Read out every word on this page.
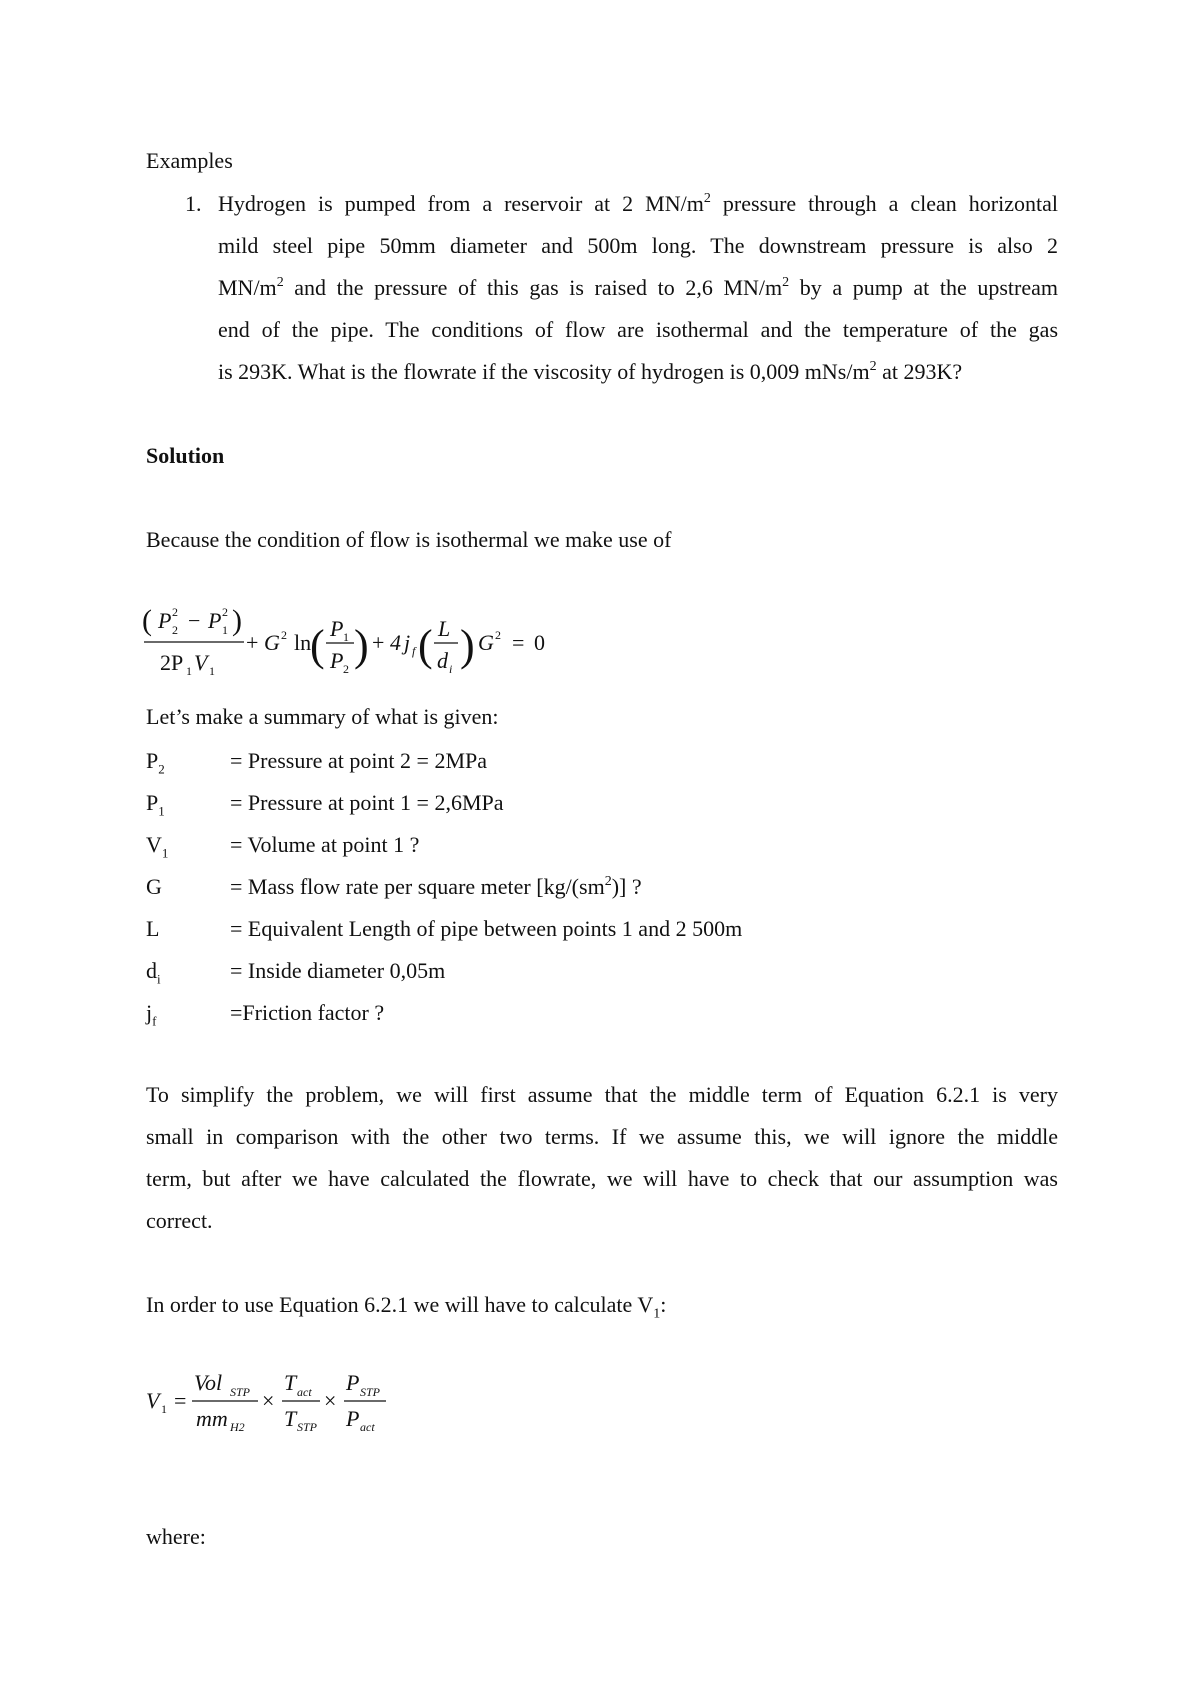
Examples
1. Hydrogen is pumped from a reservoir at 2 $MN/m^2$ pressure through a clean horizontal
mild steel pipe 50mm diameter and 500m long. The downstream pressure is also 2
$MN/m^2$ and the pressure of this gas is raised to 2,6 $MN/m^2$ by a pump at the upstream
end of the pipe. The conditions of flow are isothermal and the temperature of the gas
is 293K. What is the flowrate if the viscosity of hydrogen is 0,009 mNs/$m^2$ at 293K?
Solution
Because the condition of flow is isothermal we make use of
( P 2
2 − P 2
1 )
2P 1 V 1
+ G 2 ln
( P 1
P 2 ) + 4 j f ( L
d i ) G 2 = 0
Let’s make a summary of what is given:
$P_2$	= Pressure at point 2 = 2MPa
$P_1$	= Pressure at point 1 = 2,6MPa
$V_1$	= Volume at point 1 ?
G	= Mass flow rate per square meter $[kg/(sm^2)]$ ?
L	= Equivalent Length of pipe between points 1 and 2 500m
$d_i$	= Inside diameter 0,05m
$j_f$	=Friction factor ?
To simplify the problem, we will first assume that the middle term of Equation 6.2.1 is very
small in comparison with the other two terms. If we assume this, we will ignore the middle
term, but after we have calculated the flowrate, we will have to check that our assumption was
correct.
In order to use Equation 6.2.1 we will have to calculate $V_1$:
V 1 =
Vol STP
mm H2
×
T act
T STP
×
P STP
P act
where:
